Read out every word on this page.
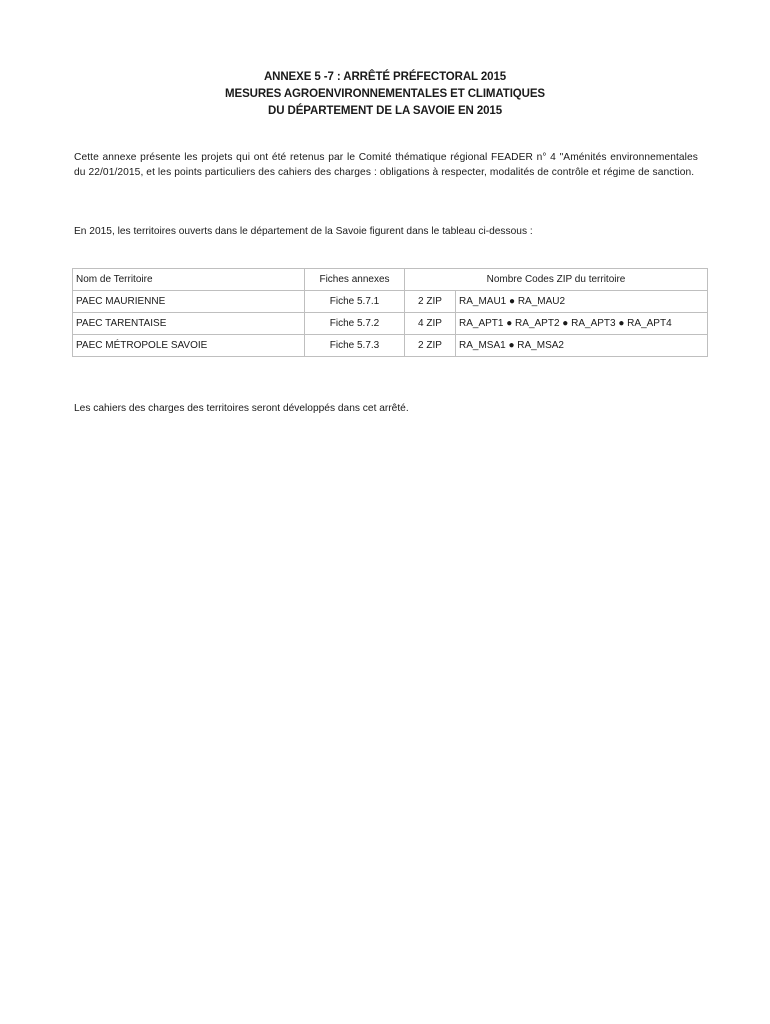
ANNEXE 5 -7 : ARRÊTÉ PRÉFECTORAL 2015
MESURES AGROENVIRONNEMENTALES ET CLIMATIQUES
DU DÉPARTEMENT DE LA SAVOIE EN 2015

Cette annexe présente les projets qui ont été retenus par le Comité thématique régional FEADER n° 4 "Aménités environnementales du 22/01/2015, et les points particuliers des cahiers des charges : obligations à respecter, modalités de contrôle et régime de sanction.

En 2015, les territoires ouverts dans le département de la Savoie figurent dans le tableau ci-dessous :

Nom de Territoire	Fiches annexes	Nombre Codes ZIP du territoire	
PAEC MAURIENNE	Fiche 5.7.1	2 ZIP	RA_MAU1 ● RA_MAU2
PAEC TARENTAISE	Fiche 5.7.2	4 ZIP	RA_APT1 ● RA_APT2 ● RA_APT3 ● RA_APT4
PAEC MÉTROPOLE SAVOIE	Fiche 5.7.3	2 ZIP	RA_MSA1 ● RA_MSA2

Les cahiers des charges des territoires seront développés dans cet arrêté.
